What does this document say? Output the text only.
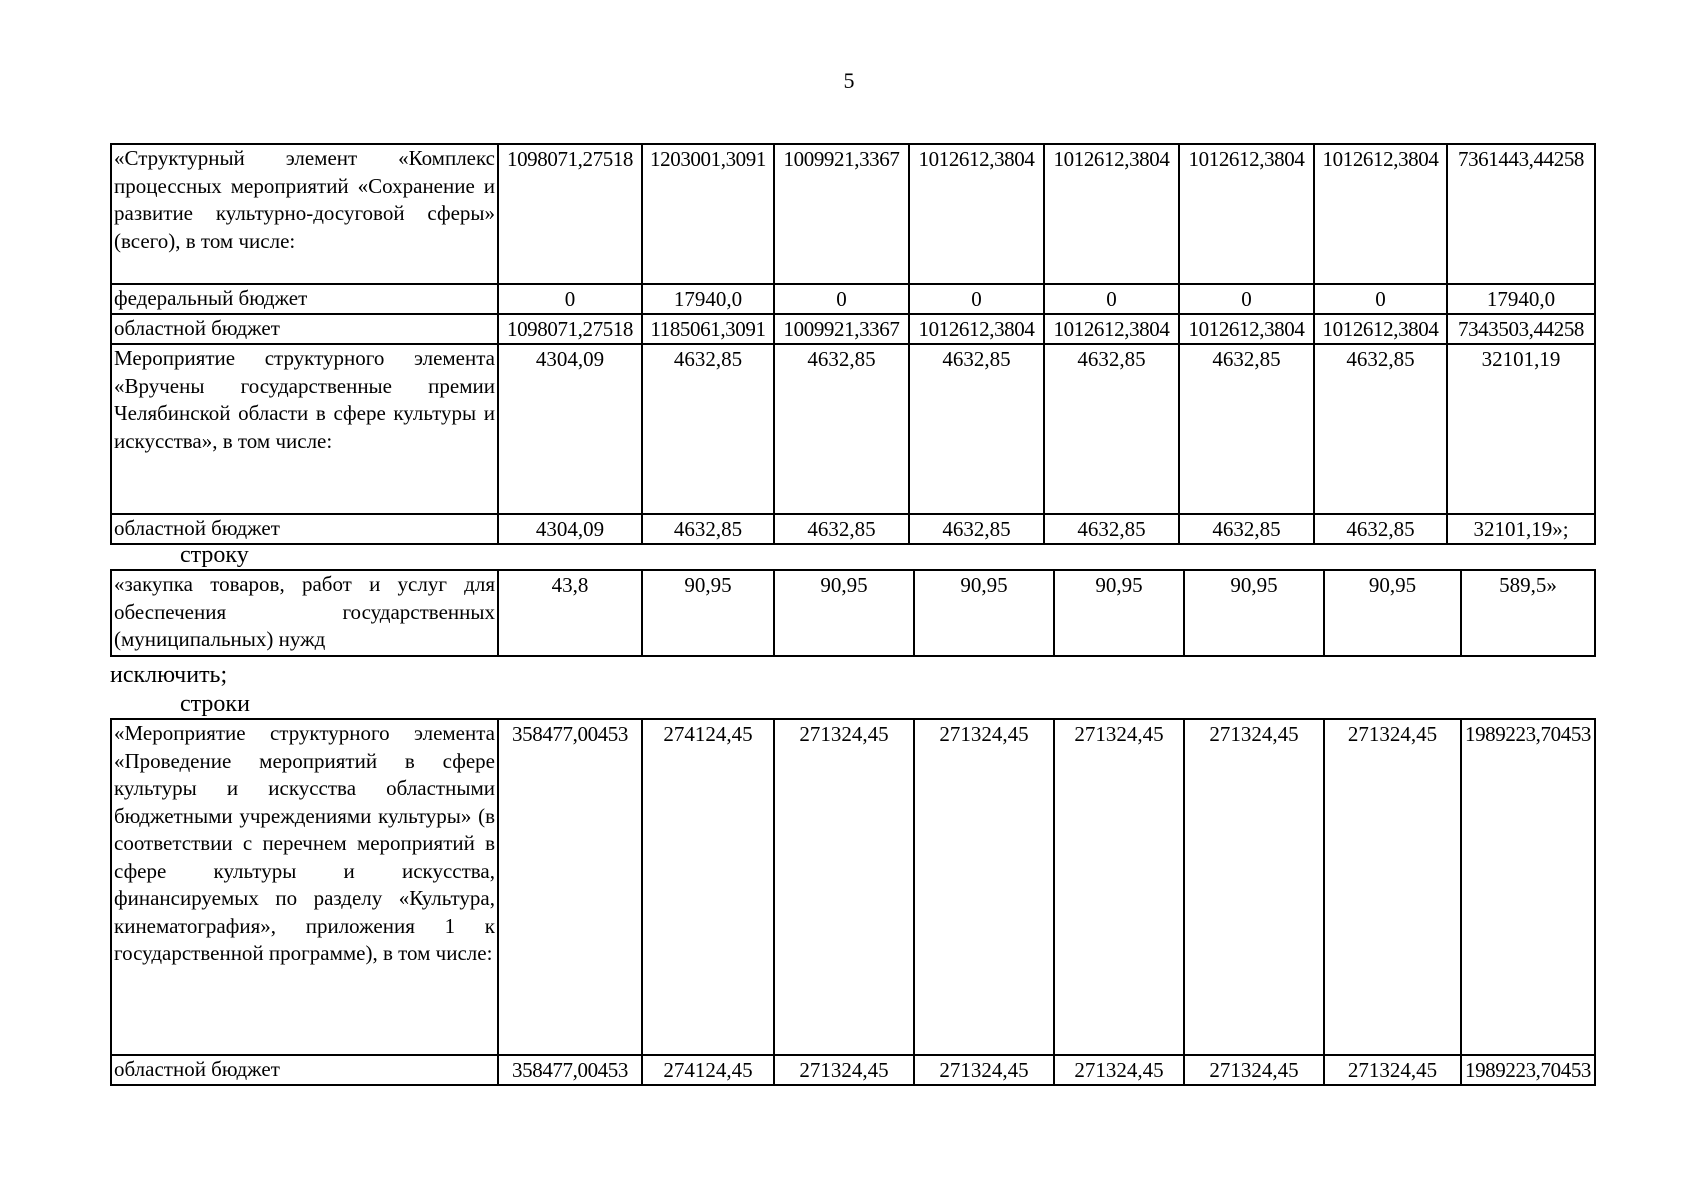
5
«Структурный элемент «Комплекс процессных мероприятий «Сохранение и развитие культурно-досуговой сферы» (всего), в том числе:	1098071,27518	1203001,3091	1009921,3367	1012612,3804	1012612,3804	1012612,3804	1012612,3804	7361443,44258
федеральный бюджет	0	17940,0	0	0	0	0	0	17940,0
областной бюджет	1098071,27518	1185061,3091	1009921,3367	1012612,3804	1012612,3804	1012612,3804	1012612,3804	7343503,44258
Мероприятие структурного элемента «Вручены государственные премии Челябинской области в сфере культуры и искусства», в том числе:	4304,09	4632,85	4632,85	4632,85	4632,85	4632,85	4632,85	32101,19
областной бюджет	4304,09	4632,85	4632,85	4632,85	4632,85	4632,85	4632,85	32101,19»;
строку
«закупка товаров, работ и услуг для обеспечения государственных (муниципальных) нужд	43,8	90,95	90,95	90,95	90,95	90,95	90,95	589,5»
исключить;
строки
«Мероприятие структурного элемента «Проведение мероприятий в сфере культуры и искусства областными бюджетными учреждениями культуры» (в соответствии с перечнем мероприятий в сфере культуры и искусства, финансируемых по разделу «Культура, кинематография», приложения 1 к государственной программе), в том числе:	358477,00453	274124,45	271324,45	271324,45	271324,45	271324,45	271324,45	1989223,70453
областной бюджет	358477,00453	274124,45	271324,45	271324,45	271324,45	271324,45	271324,45	1989223,70453
